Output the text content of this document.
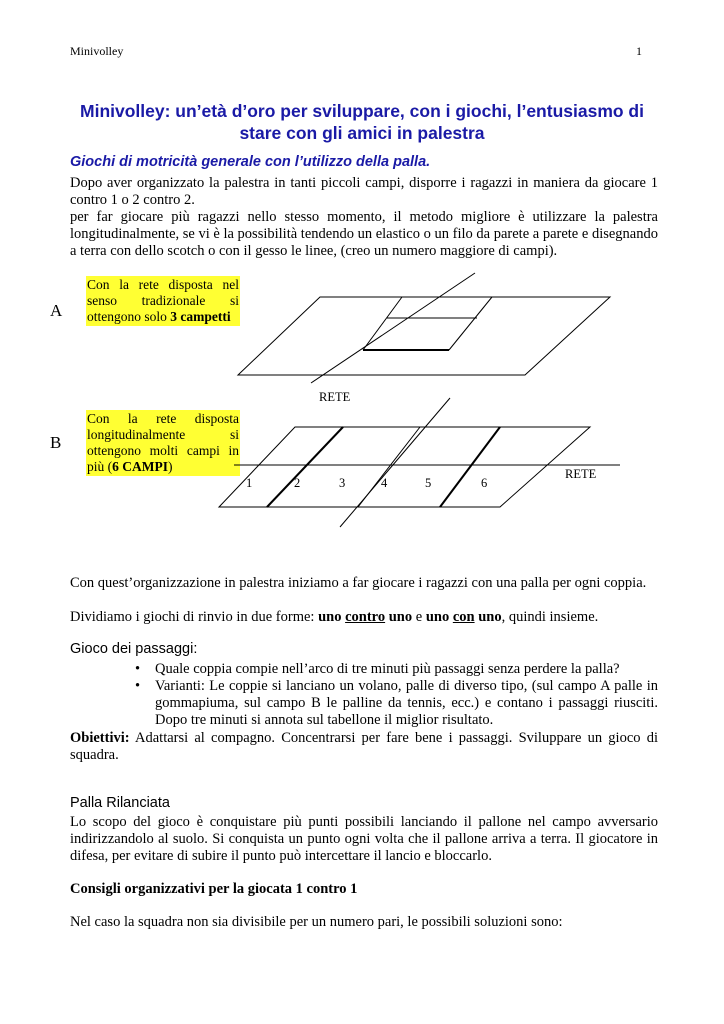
Minivolley	1
Minivolley: un’età d’oro per sviluppare, con i giochi, l’entusiasmo di stare con gli amici in palestra
Giochi di motricità generale con l’utilizzo della palla.
Dopo aver organizzato la palestra in tanti piccoli campi, disporre i ragazzi in maniera da giocare 1 contro 1 o 2 contro 2.
per far giocare più ragazzi nello stesso momento, il metodo migliore è utilizzare la palestra longitudinalmente, se vi è la possibilità tendendo un elastico o un filo da parete a parete e disegnando a terra con dello scotch o con il gesso le linee, (creo un numero maggiore di campi).
A
Con la rete disposta nel senso tradizionale si ottengono solo 3 campetti
B
Con la rete disposta longitudinalmente si ottengono molti campi in più (6 CAMPI)
RETE
RETE
1	2	3	4	5	6
Con quest’organizzazione in palestra iniziamo a far giocare i ragazzi con una palla per ogni coppia.
Dividiamo i giochi di rinvio in due forme: uno contro uno e uno con uno, quindi insieme.
Gioco dei passaggi:
• Quale coppia compie nell’arco di tre minuti più passaggi senza perdere la palla?
• Varianti: Le coppie si lanciano un volano, palle di diverso tipo, (sul campo A palle in gommapiuma, sul campo B le palline da tennis, ecc.) e contano i passaggi riusciti. Dopo tre minuti si annota sul tabellone il miglior risultato.
Obiettivi: Adattarsi al compagno. Concentrarsi per fare bene i passaggi. Sviluppare un gioco di squadra.
Palla Rilanciata
Lo scopo del gioco è conquistare più punti possibili lanciando il pallone nel campo avversario indirizzandolo al suolo. Si conquista un punto ogni volta che il pallone arriva a terra. Il giocatore in difesa, per evitare di subire il punto può intercettare il lancio e bloccarlo.
Consigli organizzativi per la giocata 1 contro 1
Nel caso la squadra non sia divisibile per un numero pari, le possibili soluzioni sono:
